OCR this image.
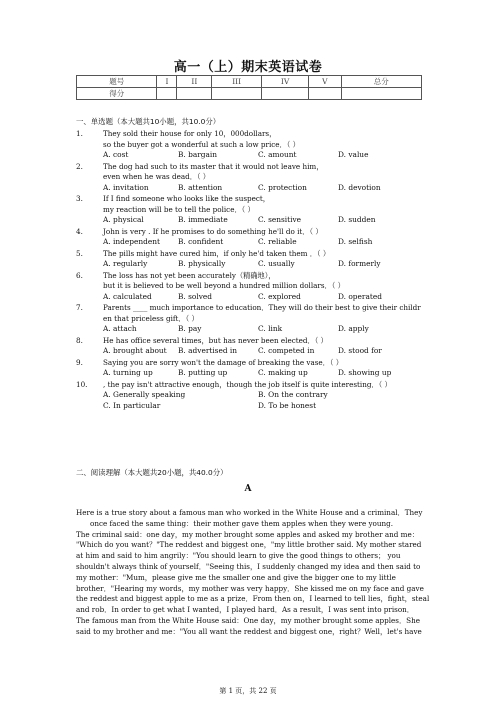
高一（上）期末英语试卷
题号	I	II	III	IV	V	总分
得分						
一、单选题（本大题共10小题，共10.0分）
1.	They sold their house for only 10，000dollars，
so the buyer got a wonderful at such a low price．（ ）
A. cost	B. bargain	C. amount	D. value
2.	The dog had such to its master that it would not leave him，
even when he was dead．（ ）
A. invitation	B. attention	C. protection	D. devotion
3.	If I find someone who looks like the suspect，
my reaction will be to tell the police．（ ）
A. physical	B. immediate	C. sensitive	D. sudden
4.	John is very . If he promises to do something he'll do it．（ ）
A. independent B. confident	C. reliable	D. selfish
5.	The pills might have cured him，if only he'd taken them ．（ ）
A. regularly	B. physically	C. usually	D. formerly
6.	The loss has not yet been accurately（精确地），
but it is believed to be well beyond a hundred million dollars．（ ）
A. calculated	B. solved	C. explored	D. operated
7.	Parents ____ much importance to education．They will do their best to give their childr
en that priceless gift．（ ）
A. attach	B. pay	C. link	D. apply
8.	He has office several times，but has never been elected．（ ）
A. brought about B. advertised in	C. competed in	D. stood for
9.	Saying you are sorry won't the damage of breaking the vase．（ ）
A. turning up	B. putting up	C. making up	D. showing up
10.	, the pay isn't attractive enough，though the job itself is quite interesting．（ ）
A. Generally speaking	B. On the contrary
C. In particular	D. To be honest
二、阅读理解（本大题共20小题，共40.0分）
A
Here is a true story about a famous man who worked in the White House and a criminal．They
once faced the same thing：their mother gave them apples when they were young.
The criminal said：one day，my mother brought some apples and asked my brother and me：
"Which do you want？"The reddest and biggest one，"my little brother said. My mother stared
at him and said to him angrily："You should learn to give the good things to others； you
shouldn't always think of yourself．"Seeing this，I suddenly changed my idea and then said to
my mother："Mum，please give me the smaller one and give the bigger one to my little
brother．"Hearing my words，my mother was very happy．She kissed me on my face and gave
the reddest and biggest apple to me as a prize．From then on，I learned to tell lies，fight，steal
and rob．In order to get what I wanted，I played hard．As a result，I was sent into prison．
The famous man from the White House said：One day，my mother brought some apples．She
said to my brother and me："You all want the reddest and biggest one，right？Well，let's have
第 1 页，共 22 页
